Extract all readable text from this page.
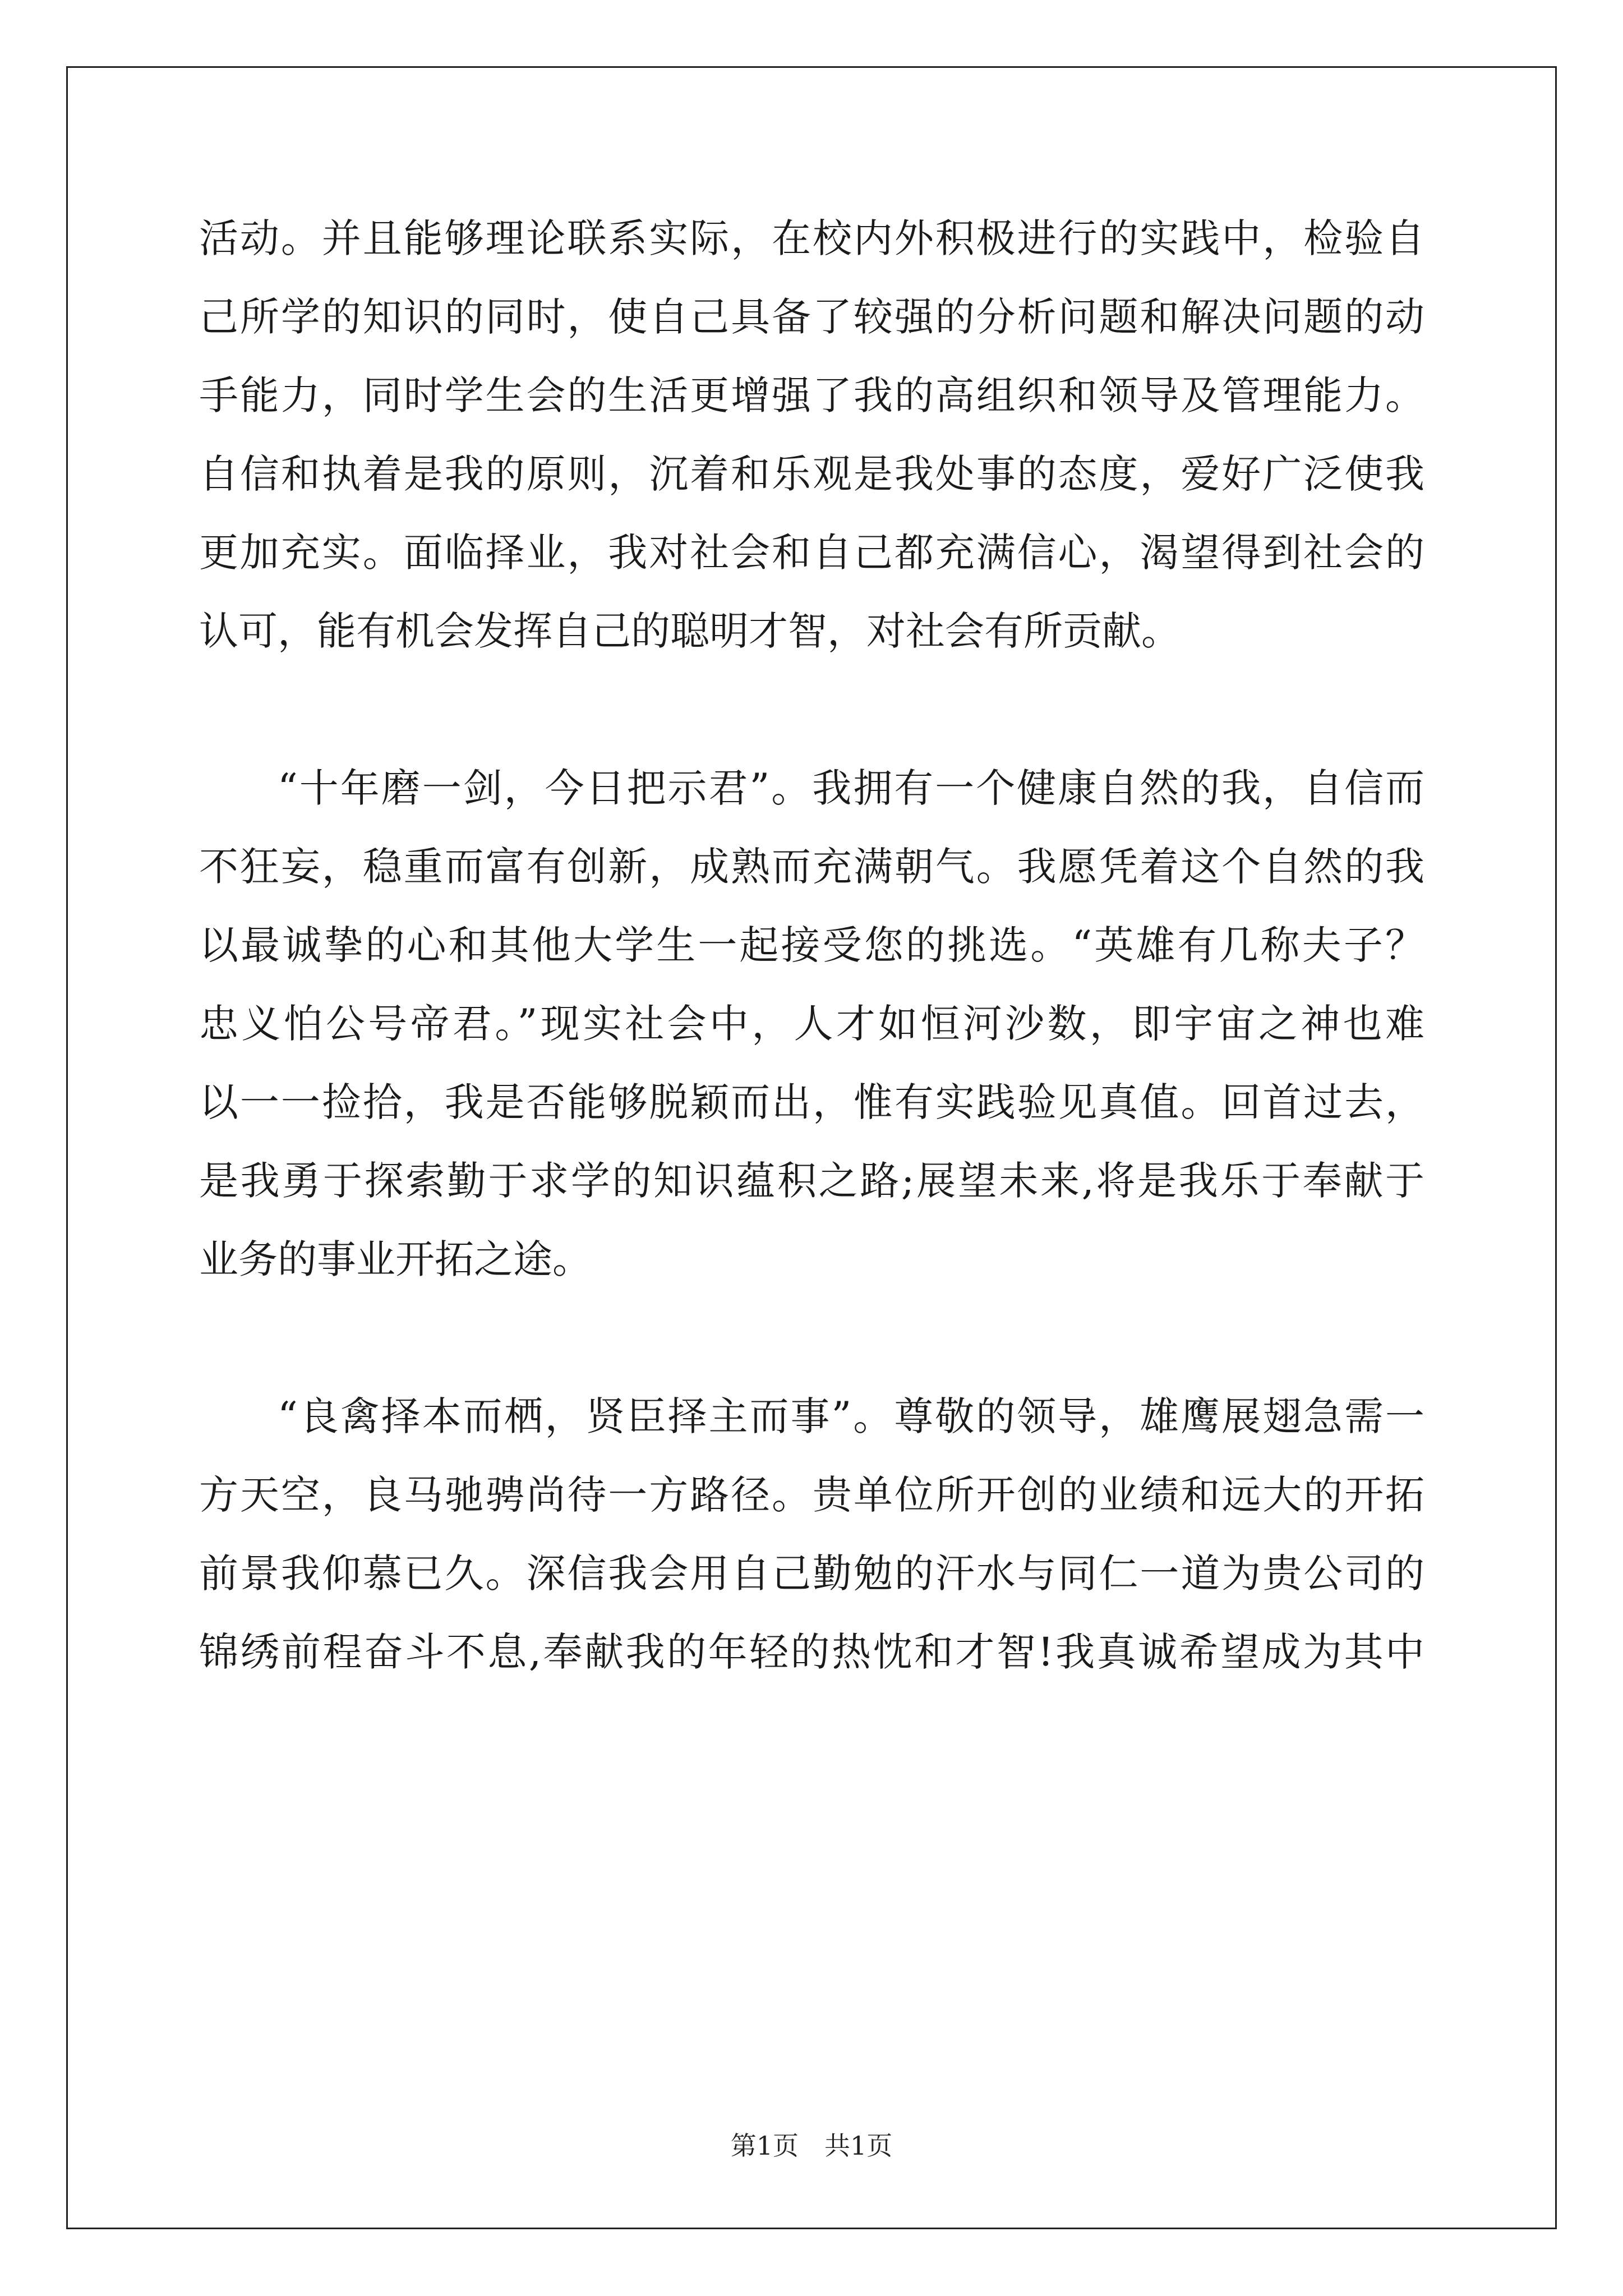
活动。并且能够理论联系实际，在校内外积极进行的实践中，检验自
己所学的知识的同时，使自己具备了较强的分析问题和解决问题的动
手能力，同时学生会的生活更增强了我的高组织和领导及管理能力。
自信和执着是我的原则，沉着和乐观是我处事的态度，爱好广泛使我
更加充实。面临择业，我对社会和自己都充满信心，渴望得到社会的
认可，能有机会发挥自己的聪明才智，对社会有所贡献。
“十年磨一剑，今日把示君”。我拥有一个健康自然的我，自信而
不狂妄，稳重而富有创新，成熟而充满朝气。我愿凭着这个自然的我
以最诚挚的心和其他大学生一起接受您的挑选。“英雄有几称夫子？
忠义怕公号帝君。”现实社会中，人才如恒河沙数，即宇宙之神也难
以一一捡拾，我是否能够脱颖而出，惟有实践验见真值。回首过去，
是我勇于探索勤于求学的知识蕴积之路;展望未来,将是我乐于奉献于
业务的事业开拓之途。
“良禽择本而栖，贤臣择主而事”。尊敬的领导，雄鹰展翅急需一
方天空，良马驰骋尚待一方路径。贵单位所开创的业绩和远大的开拓
前景我仰慕已久。深信我会用自己勤勉的汗水与同仁一道为贵公司的
锦绣前程奋斗不息,奉献我的年轻的热忱和才智!我真诚希望成为其中
第1页　共1页
